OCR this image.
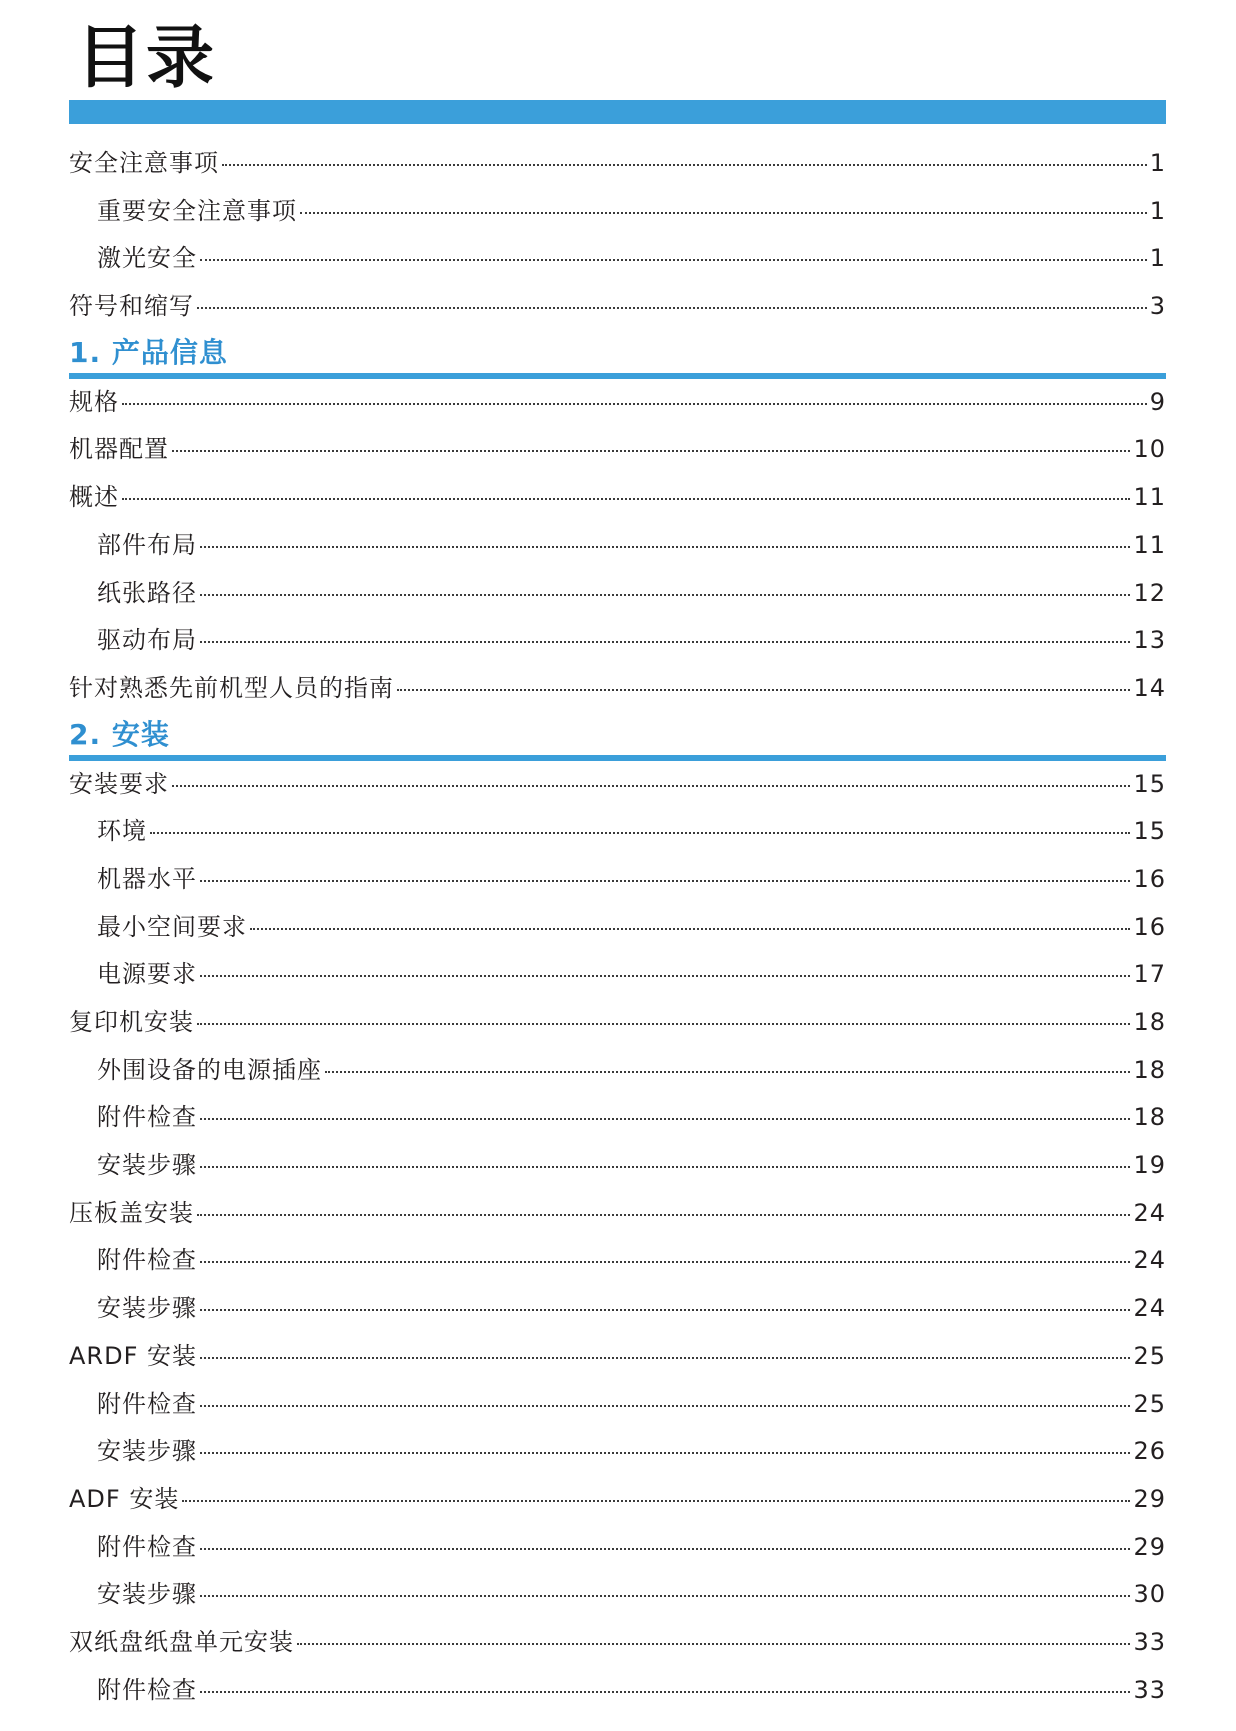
目录
安全注意事项	1
重要安全注意事项	1
激光安全	1
符号和缩写	3
1. 产品信息
规格	9
机器配置	10
概述	11
部件布局	11
纸张路径	12
驱动布局	13
针对熟悉先前机型人员的指南	14
2. 安装
安装要求	15
环境	15
机器水平	16
最小空间要求	16
电源要求	17
复印机安装	18
外围设备的电源插座	18
附件检查	18
安装步骤	19
压板盖安装	24
附件检查	24
安装步骤	24
ARDF 安装	25
附件检查	25
安装步骤	26
ADF 安装	29
附件检查	29
安装步骤	30
双纸盘纸盘单元安装	33
附件检查	33
